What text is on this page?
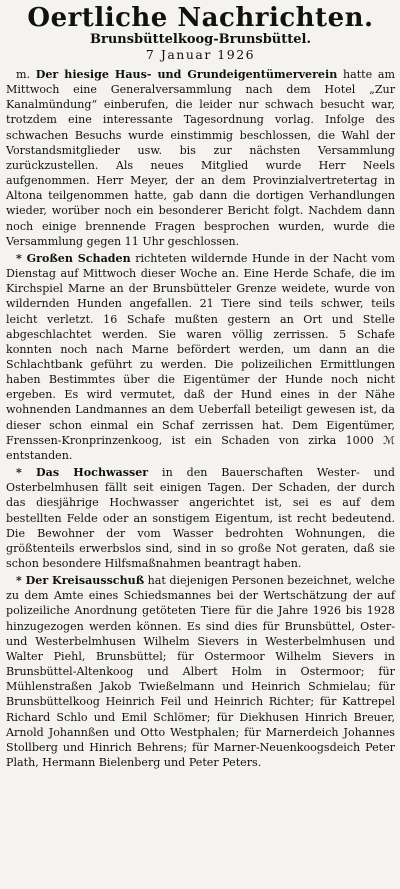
Oertliche Nachrichten.
Brunsbüttelkoog-Brunsbüttel.
7 Januar 1926

m. Der hiesige Haus- und Grundeigentümerverein hatte am Mittwoch eine Generalversammlung nach dem Hotel „Zur Kanalmündung“ einberufen, die leider nur schwach besucht war, trotzdem eine interessante Tagesordnung vorlag. Infolge des schwachen Besuchs wurde einstimmig beschlossen, die Wahl der Vorstandsmitglieder usw. bis zur nächsten Versammlung zurückzustellen. Als neues Mitglied wurde Herr Neels aufgenommen. Herr Meyer, der an dem Provinzialvertretertag in Altona teilgenommen hatte, gab dann die dortigen Verhandlungen wieder, worüber noch ein besonderer Bericht folgt. Nachdem dann noch einige brennende Fragen besprochen wurden, wurde die Versammlung gegen 11 Uhr geschlossen.

* Großen Schaden richteten wildernde Hunde in der Nacht vom Dienstag auf Mittwoch dieser Woche an. Eine Herde Schafe, die im Kirchspiel Marne an der Brunsbütteler Grenze weidete, wurde von wildernden Hunden angefallen. 21 Tiere sind teils schwer, teils leicht verletzt. 16 Schafe mußten gestern an Ort und Stelle abgeschlachtet werden. Sie waren völlig zerrissen. 5 Schafe konnten noch nach Marne befördert werden, um dann an die Schlachtbank geführt zu werden. Die polizeilichen Ermittlungen haben Bestimmtes über die Eigentümer der Hunde noch nicht ergeben. Es wird vermutet, daß der Hund eines in der Nähe wohnenden Landmannes an dem Ueberfall beteiligt gewesen ist, da dieser schon einmal ein Schaf zerrissen hat. Dem Eigentümer, Frenssen-Kronprinzenkoog, ist ein Schaden von zirka 1000 ℳ entstanden.

* Das Hochwasser in den Bauerschaften Wester- und Osterbelmhusen fällt seit einigen Tagen. Der Schaden, der durch das diesjährige Hochwasser angerichtet ist, sei es auf dem bestellten Felde oder an sonstigem Eigentum, ist recht bedeutend. Die Bewohner der vom Wasser bedrohten Wohnungen, die größtenteils erwerbslos sind, sind in so große Not geraten, daß sie schon besondere Hilfsmaßnahmen beantragt haben.

* Der Kreisausschuß hat diejenigen Personen bezeichnet, welche zu dem Amte eines Schiedsmannes bei der Wertschätzung der auf polizeiliche Anordnung getöteten Tiere für die Jahre 1926 bis 1928 hinzugezogen werden können. Es sind dies für Brunsbüttel, Oster- und Westerbelmhusen Wilhelm Sievers in Westerbelmhusen und Walter Piehl, Brunsbüttel; für Ostermoor Wilhelm Sievers in Brunsbüttel-Altenkoog und Albert Holm in Ostermoor; für Mühlenstraßen Jakob Twießelmann und Heinrich Schmielau; für Brunsbüttelkoog Heinrich Feil und Heinrich Richter; für Kattrepel Richard Schlo und Emil Schlömer; für Diekhusen Hinrich Breuer, Arnold Johannßen und Otto Westphalen; für Marnerdeich Johannes Stollberg und Hinrich Behrens; für Marner-Neuenkoogsdeich Peter Plath, Hermann Bielenberg und Peter Peters.
